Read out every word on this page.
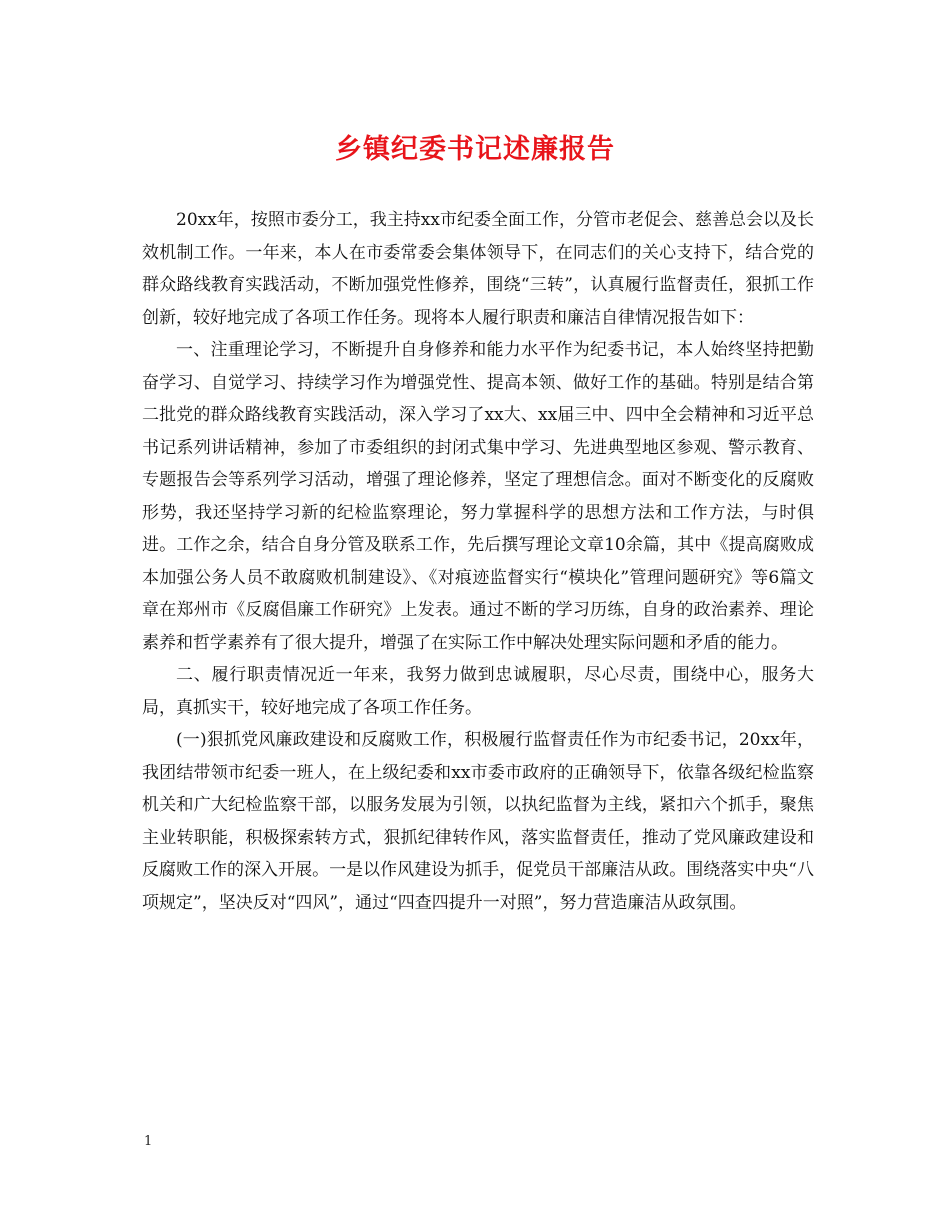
乡镇纪委书记述廉报告

20xx年，按照市委分工，我主持xx市纪委全面工作，分管市老促会、慈善总会以及长效机制工作。一年来，本人在市委常委会集体领导下，在同志们的关心支持下，结合党的群众路线教育实践活动，不断加强党性修养，围绕“三转”，认真履行监督责任，狠抓工作创新，较好地完成了各项工作任务。现将本人履行职责和廉洁自律情况报告如下：

一、注重理论学习，不断提升自身修养和能力水平作为纪委书记，本人始终坚持把勤奋学习、自觉学习、持续学习作为增强党性、提高本领、做好工作的基础。特别是结合第二批党的群众路线教育实践活动，深入学习了xx大、xx届三中、四中全会精神和习近平总书记系列讲话精神，参加了市委组织的封闭式集中学习、先进典型地区参观、警示教育、专题报告会等系列学习活动，增强了理论修养，坚定了理想信念。面对不断变化的反腐败形势，我还坚持学习新的纪检监察理论，努力掌握科学的思想方法和工作方法，与时俱进。工作之余，结合自身分管及联系工作，先后撰写理论文章10余篇，其中《提高腐败成本加强公务人员不敢腐败机制建设》、《对痕迹监督实行“模块化”管理问题研究》等6篇文章在郑州市《反腐倡廉工作研究》上发表。通过不断的学习历练，自身的政治素养、理论素养和哲学素养有了很大提升，增强了在实际工作中解决处理实际问题和矛盾的能力。

二、履行职责情况近一年来，我努力做到忠诚履职，尽心尽责，围绕中心，服务大局，真抓实干，较好地完成了各项工作任务。

(一)狠抓党风廉政建设和反腐败工作，积极履行监督责任作为市纪委书记，20xx年，我团结带领市纪委一班人，在上级纪委和xx市委市政府的正确领导下，依靠各级纪检监察机关和广大纪检监察干部，以服务发展为引领，以执纪监督为主线，紧扣六个抓手，聚焦主业转职能，积极探索转方式，狠抓纪律转作风，落实监督责任，推动了党风廉政建设和反腐败工作的深入开展。一是以作风建设为抓手，促党员干部廉洁从政。围绕落实中央“八项规定”，坚决反对“四风”，通过“四查四提升一对照”，努力营造廉洁从政氛围。

1
